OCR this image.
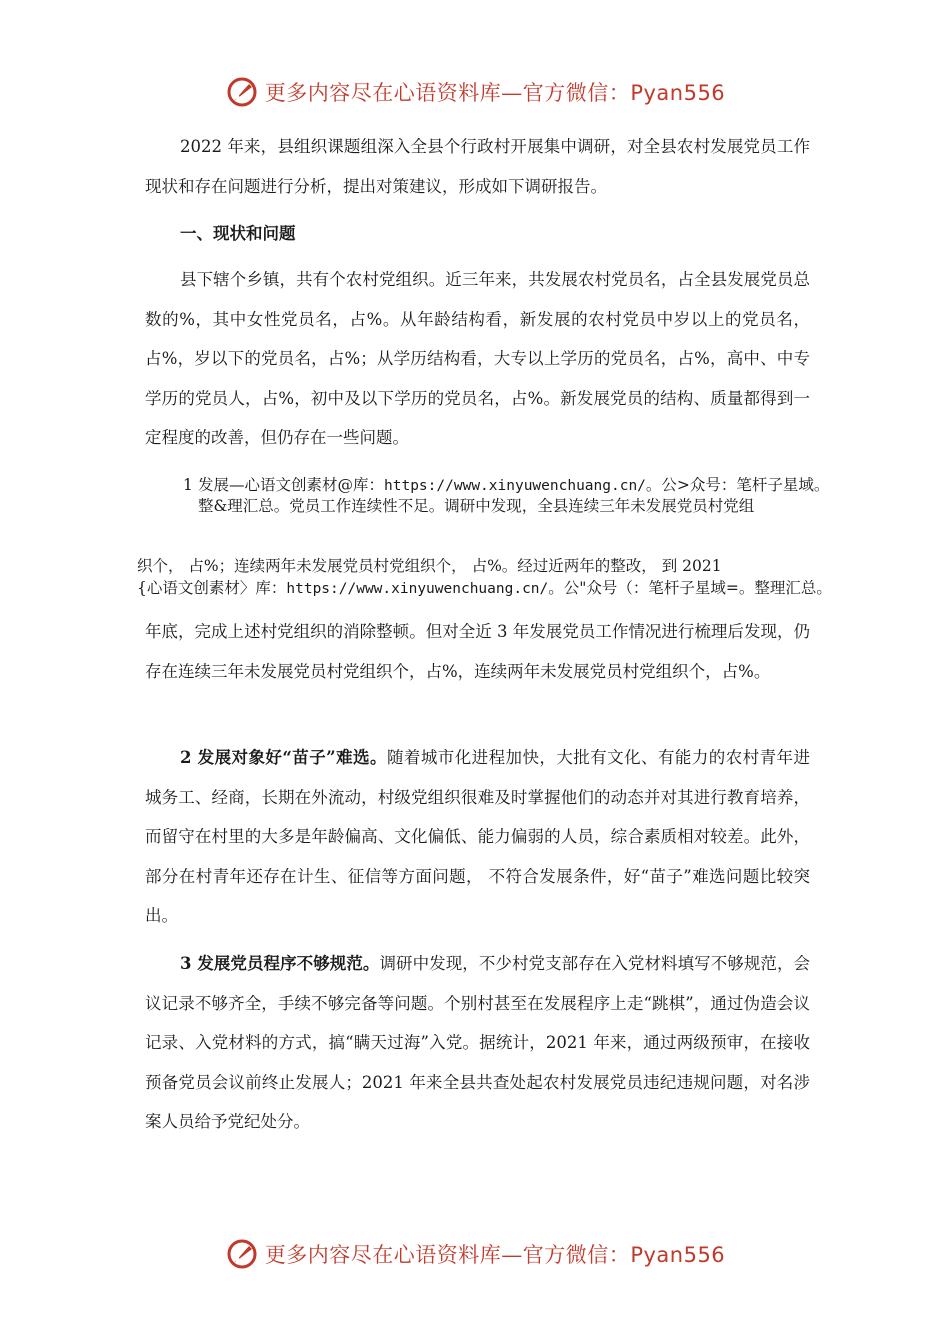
更多内容尽在心语资料库—官方微信：Pyan556

2022 年来，县组织课题组深入全县个行政村开展集中调研，对全县农村发展党员工作现状和存在问题进行分析，提出对策建议，形成如下调研报告。

一、现状和问题

县下辖个乡镇，共有个农村党组织。近三年来，共发展农村党员名，占全县发展党员总数的%，其中女性党员名，占%。从年龄结构看，新发展的农村党员中岁以上的党员名，占%，岁以下的党员名，占%；从学历结构看，大专以上学历的党员名，占%，高中、中专学历的党员人，占%，初中及以下学历的党员名，占%。新发展党员的结构、质量都得到一定程度的改善，但仍存在一些问题。

1 发展—心语文创素材@库：https://www.xinyuwenchuang.cn/。公>众号：笔杆子星域。整&理汇总。党员工作连续性不足。调研中发现，全县连续三年未发展党员村党组
织个， 占%；连续两年未发展党员村党组织个， 占%。经过近两年的整改， 到 2021
{心语文创素材〉库：https://www.xinyuwenchuang.cn/。公"众号（：笔杆子星域=。整理汇总。

年底，完成上述村党组织的消除整顿。但对全近 3 年发展党员工作情况进行梳理后发现，仍存在连续三年未发展党员村党组织个，占%，连续两年未发展党员村党组织个，占%。

2 发展对象好“苗子”难选。随着城市化进程加快，大批有文化、有能力的农村青年进城务工、经商，长期在外流动，村级党组织很难及时掌握他们的动态并对其进行教育培养，而留守在村里的大多是年龄偏高、文化偏低、能力偏弱的人员，综合素质相对较差。此外，部分在村青年还存在计生、征信等方面问题， 不符合发展条件，好“苗子”难选问题比较突出。

3 发展党员程序不够规范。调研中发现，不少村党支部存在入党材料填写不够规范，会议记录不够齐全，手续不够完备等问题。个别村甚至在发展程序上走“跳棋”，通过伪造会议记录、入党材料的方式，搞“瞒天过海”入党。据统计，2021 年来，通过两级预审，在接收预备党员会议前终止发展人；2021 年来全县共查处起农村发展党员违纪违规问题，对名涉案人员给予党纪处分。

更多内容尽在心语资料库—官方微信：Pyan556
